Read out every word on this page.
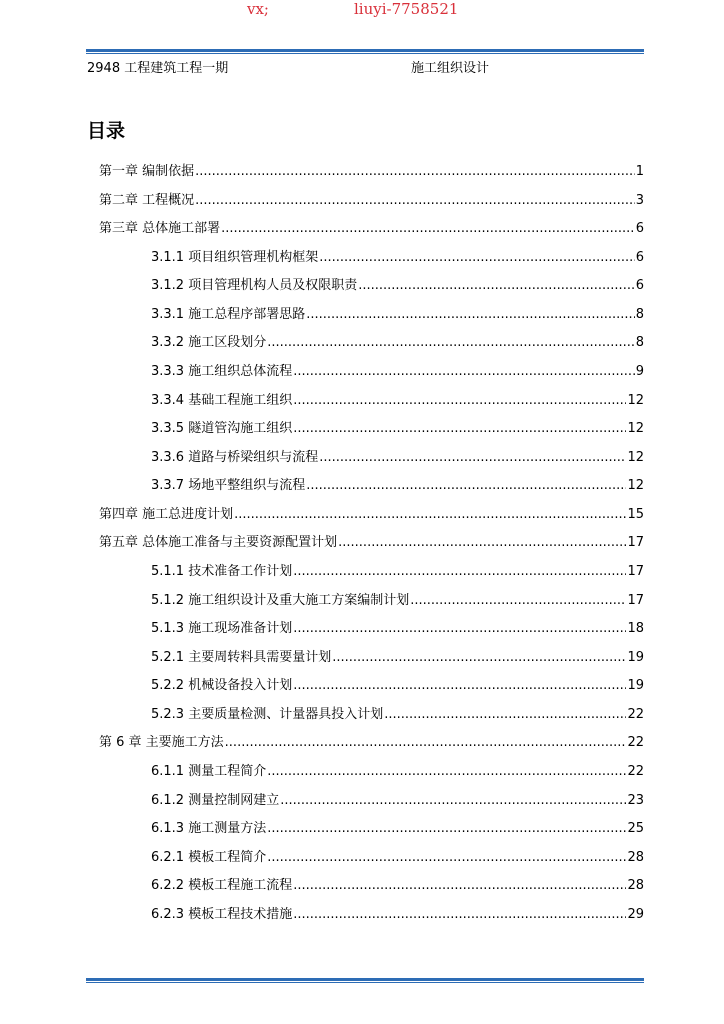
vx;	liuyi-7758521
2948 工程建筑工程一期	施工组织设计
目录
第一章 编制依据 .....	1
第二章 工程概况 .....	3
第三章 总体施工部署 .....	6
3.1.1 项目组织管理机构框架 .....	6
3.1.2 项目管理机构人员及权限职责 .....	6
3.3.1 施工总程序部署思路 .....	8
3.3.2 施工区段划分 .....	8
3.3.3 施工组织总体流程 .....	9
3.3.4 基础工程施工组织 .....	12
3.3.5 隧道管沟施工组织 .....	12
3.3.6 道路与桥梁组织与流程 .....	12
3.3.7 场地平整组织与流程 .....	12
第四章 施工总进度计划 .....	15
第五章 总体施工准备与主要资源配置计划 .....	17
5.1.1 技术准备工作计划 .....	17
5.1.2 施工组织设计及重大施工方案编制计划 .....	17
5.1.3 施工现场准备计划 .....	18
5.2.1 主要周转料具需要量计划 .....	19
5.2.2 机械设备投入计划 .....	19
5.2.3 主要质量检测、计量器具投入计划 .....	22
第 6 章 主要施工方法 .....	22
6.1.1 测量工程简介 .....	22
6.1.2 测量控制网建立 .....	23
6.1.3 施工测量方法 .....	25
6.2.1 模板工程简介 .....	28
6.2.2 模板工程施工流程 .....	28
6.2.3 模板工程技术措施 .....	29
